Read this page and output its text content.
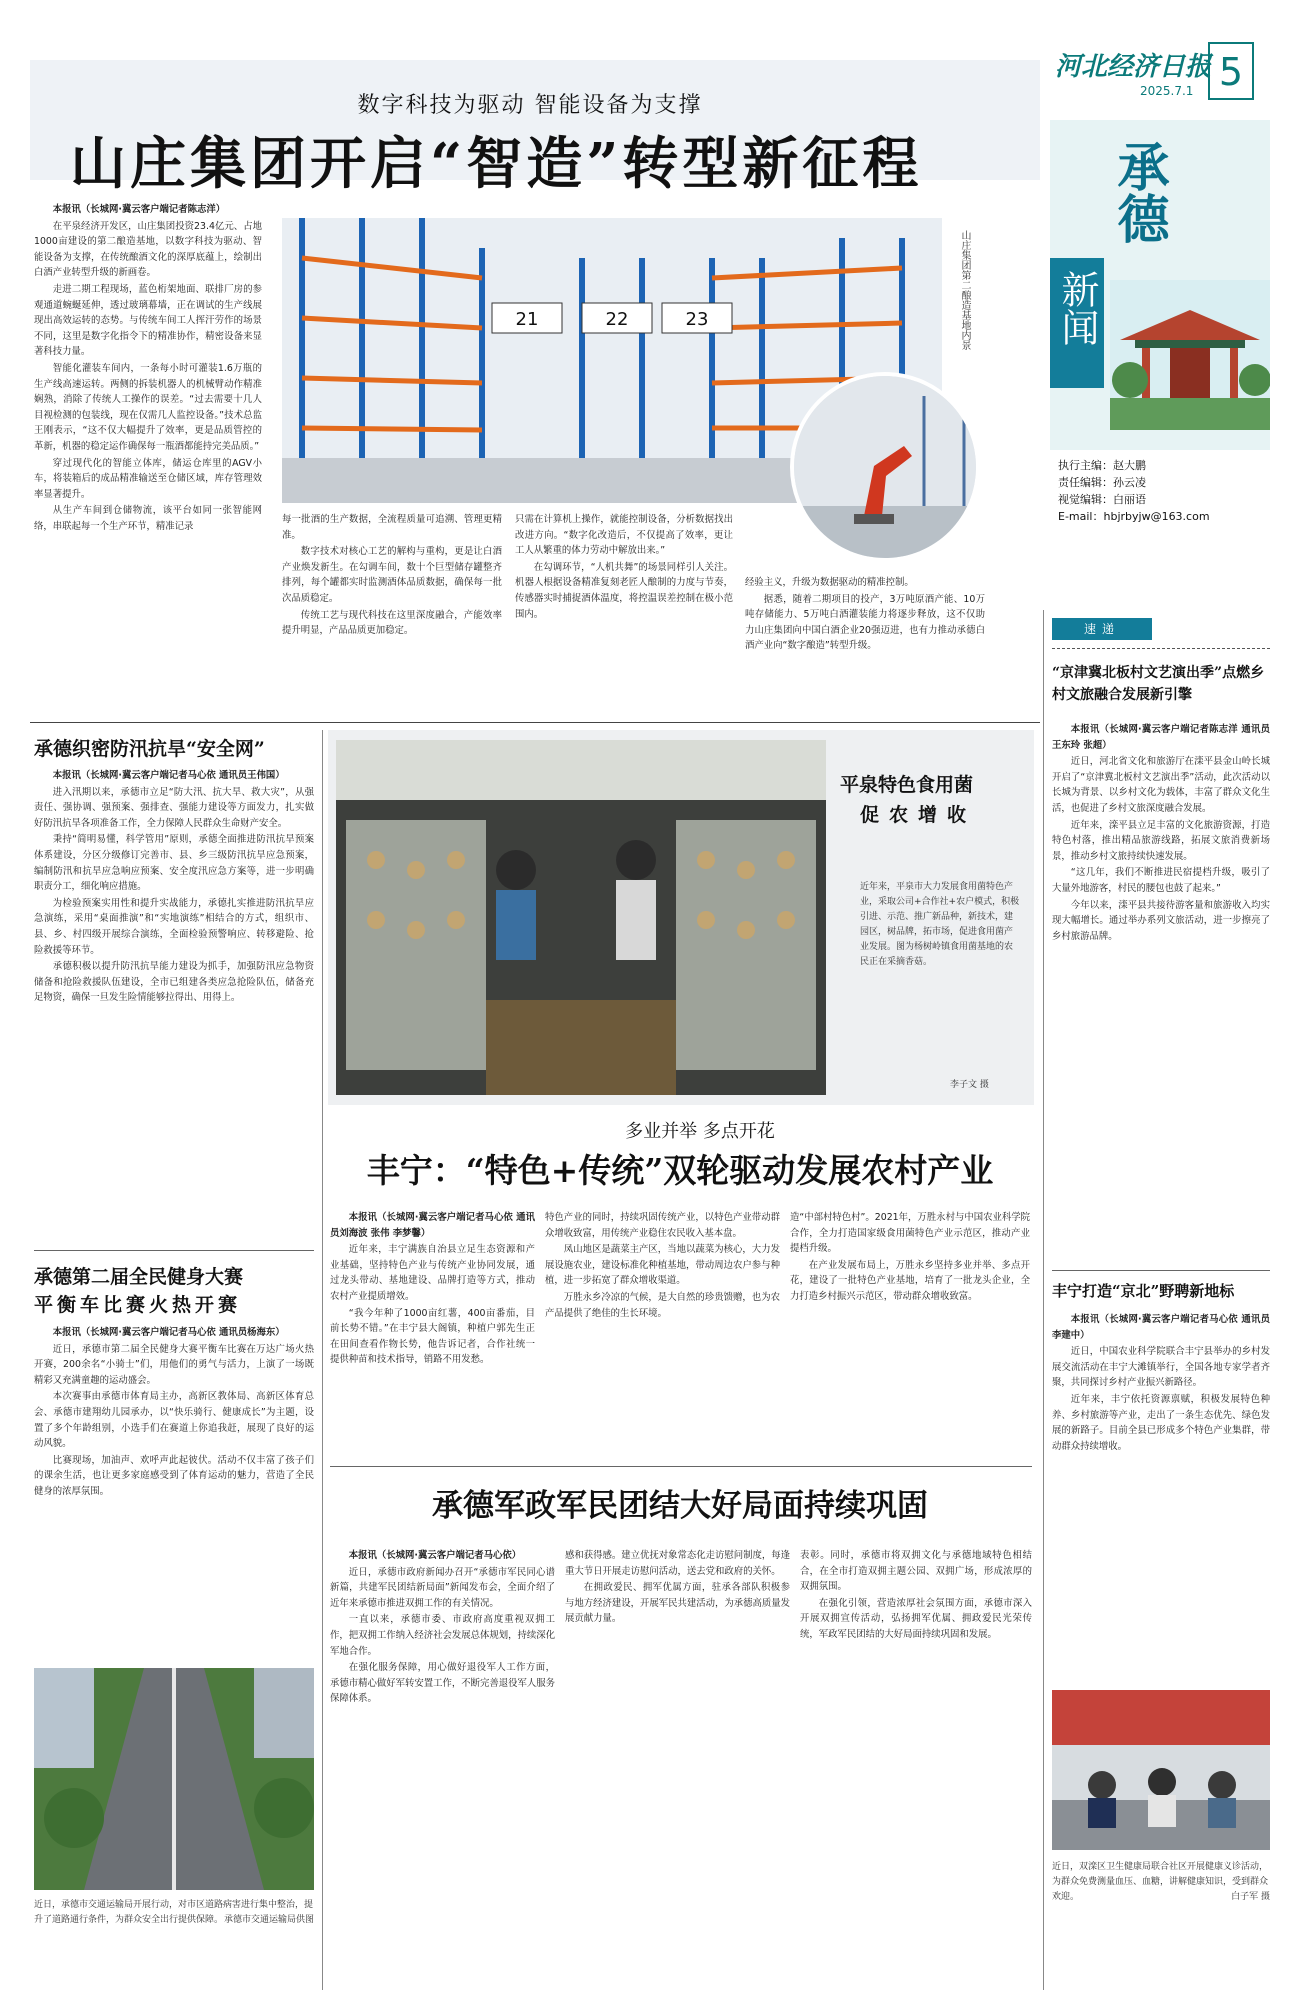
数字科技为驱动 智能设备为支撑
山庄集团开启“智造”转型新征程
河北经济日报
2025.7.1 5
承德
新闻
执行主编：赵大鹏
责任编辑：孙云凌
视觉编辑：白丽语
E-mail：hbjrbyjw@163.com

本报讯（长城网·冀云客户端记者陈志洋）

在平泉经济开发区，山庄集团投资23.4亿元、占地1000亩建设的第二酿造基地，以数字科技为驱动、智能设备为支撑，在传统酿酒文化的深厚底蕴上，绘制出白酒产业转型升级的新画卷。

走进二期工程现场，蓝色桁架地面、联排厂房的参观通道蜿蜒延伸，透过玻璃幕墙，正在调试的生产线展现出高效运转的态势。与传统车间工人挥汗劳作的场景不同，这里是数字化指令下的精准协作，精密设备来显著科技力量。

智能化灌装车间内，一条每小时可灌装1.6万瓶的生产线高速运转。两侧的拆装机器人的机械臂动作精准娴熟，消除了传统人工操作的误差。“过去需要十几人目视检测的包装线，现在仅需几人监控设备。”技术总监王刚表示，“这不仅大幅提升了效率，更是品质管控的革新，机器的稳定运作确保每一瓶酒都能持完美品质。”

穿过现代化的智能立体库，储运仓库里的AGV小车，将装箱后的成品精准输送至仓储区域，库存管理效率显著提升。

从生产车间到仓储物流，该平台如同一张智能网络，串联起每一个生产环节，精准记录

21	22	23	山庄集团第二酿造基地内景

每一批酒的生产数据，全流程质量可追溯、管理更精准。

数字技术对核心工艺的解构与重构，更是让白酒产业焕发新生。在勾调车间，数十个巨型储存罐整齐排列，每个罐都实时监测酒体品质数据，确保每一批次品质稳定。

传统工艺与现代科技在这里深度融合，产能效率提升明显，产品品质更加稳定。

只需在计算机上操作，就能控制设备，分析数据找出改进方向。“数字化改造后，不仅提高了效率，更让工人从繁重的体力劳动中解放出来。”

在勾调环节，“人机共舞”的场景同样引人关注。机器人根据设备精准复刻老匠人酿制的力度与节奏，传感器实时捕捉酒体温度，将控温误差控制在极小范围内。

经验主义，升级为数据驱动的精准控制。

据悉，随着二期项目的投产，3万吨原酒产能、10万吨存储能力、5万吨白酒灌装能力将逐步释放，这不仅助力山庄集团向中国白酒企业20强迈进，也有力推动承德白酒产业向“数字酿造”转型升级。

速递
“京津冀北板村文艺演出季”点燃乡村文旅融合发展新引擎

本报讯（长城网·冀云客户端记者陈志洋 通讯员王东玲 张超）

近日，河北省文化和旅游厅在滦平县金山岭长城开启了“京津冀北板村文艺演出季”活动，此次活动以长城为背景、以乡村文化为载体，丰富了群众文化生活，也促进了乡村文旅深度融合发展。

近年来，滦平县立足丰富的文化旅游资源，打造特色村落，推出精品旅游线路，拓展文旅消费新场景，推动乡村文旅持续快速发展。

“这几年，我们不断推进民宿提档升级，吸引了大量外地游客，村民的腰包也鼓了起来。”

今年以来，滦平县共接待游客量和旅游收入均实现大幅增长。通过举办系列文旅活动，进一步擦亮了乡村旅游品牌。

丰宁打造“京北”野聘新地标

本报讯（长城网·冀云客户端记者马心依 通讯员李建中）

近日，中国农业科学院联合丰宁县举办的乡村发展交流活动在丰宁大滩镇举行，全国各地专家学者齐聚，共同探讨乡村产业振兴新路径。

近年来，丰宁依托资源禀赋，积极发展特色种养、乡村旅游等产业，走出了一条生态优先、绿色发展的新路子。目前全县已形成多个特色产业集群，带动群众持续增收。

近日，双滦区卫生健康局联合社区开展健康义诊活动，为群众免费测量血压、血糖，讲解健康知识，受到群众欢迎。	白子军 摄
承德织密防汛抗旱“安全网”

本报讯（长城网·冀云客户端记者马心依 通讯员王伟国）

进入汛期以来，承德市立足“防大汛、抗大旱、救大灾”，从强责任、强协调、强预案、强排查、强能力建设等方面发力，扎实做好防汛抗旱各项准备工作，全力保障人民群众生命财产安全。

秉持“简明易懂，科学管用”原则，承德全面推进防汛抗旱预案体系建设，分区分级修订完善市、县、乡三级防汛抗旱应急预案，编制防汛和抗旱应急响应预案、安全度汛应急方案等，进一步明确职责分工，细化响应措施。

为检验预案实用性和提升实战能力，承德扎实推进防汛抗旱应急演练，采用“桌面推演”和“实地演练”相结合的方式，组织市、县、乡、村四级开展综合演练，全面检验预警响应、转移避险、抢险救援等环节。

承德积极以提升防汛抗旱能力建设为抓手，加强防汛应急物资储备和抢险救援队伍建设，全市已组建各类应急抢险队伍，储备充足物资，确保一旦发生险情能够拉得出、用得上。

承德第二届全民健身大赛
平衡车比赛火热开赛

本报讯（长城网·冀云客户端记者马心依 通讯员杨海东）

近日，承德市第二届全民健身大赛平衡车比赛在万达广场火热开赛，200余名“小骑士”们，用他们的勇气与活力，上演了一场既精彩又充满童趣的运动盛会。

本次赛事由承德市体育局主办，高新区教体局、高新区体育总会、承德市建翔幼儿园承办，以“快乐骑行、健康成长”为主题，设置了多个年龄组别，小选手们在赛道上你追我赶，展现了良好的运动风貌。

比赛现场，加油声、欢呼声此起彼伏。活动不仅丰富了孩子们的课余生活，也让更多家庭感受到了体育运动的魅力，营造了全民健身的浓厚氛围。

近日，承德市交通运输局开展行动，对市区道路病害进行集中整治，提升了道路通行条件，为群众安全出行提供保障。 承德市交通运输局供图
平泉特色食用菌
促农增收
近年来，平泉市大力发展食用菌特色产业，采取公司+合作社+农户模式，积极引进、示范、推广新品种，新技术，建园区，树品牌，拓市场，促进食用菌产业发展。图为杨树岭镇食用菌基地的农民正在采摘香菇。
李子文 摄
多业并举 多点开花
丰宁：“特色+传统”双轮驱动发展农村产业

本报讯（长城网·冀云客户端记者马心依 通讯员刘海波 张伟 李梦馨）

近年来，丰宁满族自治县立足生态资源和产业基础，坚持特色产业与传统产业协同发展，通过龙头带动、基地建设、品牌打造等方式，推动农村产业提质增效。

“我今年种了1000亩红薯，400亩番茄，目前长势不错。”在丰宁县大阁镇，种植户郭先生正在田间查看作物长势，他告诉记者，合作社统一提供种苗和技术指导，销路不用发愁。

特色产业的同时，持续巩固传统产业，以特色产业带动群众增收致富，用传统产业稳住农民收入基本盘。

凤山地区是蔬菜主产区，当地以蔬菜为核心，大力发展设施农业，建设标准化种植基地，带动周边农户参与种植，进一步拓宽了群众增收渠道。

万胜永乡冷凉的气候，是大自然的珍贵馈赠，也为农产品提供了绝佳的生长环境。

造“中部村特色村”。2021年，万胜永村与中国农业科学院合作，全力打造国家级食用菌特色产业示范区，推动产业提档升级。

在产业发展布局上，万胜永乡坚持多业并举、多点开花，建设了一批特色产业基地，培育了一批龙头企业，全力打造乡村振兴示范区，带动群众增收致富。

承德军政军民团结大好局面持续巩固

本报讯（长城网·冀云客户端记者马心依）

近日，承德市政府新闻办召开“承德市军民同心谱新篇，共建军民团结新局面”新闻发布会，全面介绍了近年来承德市推进双拥工作的有关情况。

一直以来，承德市委、市政府高度重视双拥工作，把双拥工作纳入经济社会发展总体规划，持续深化军地合作。

在强化服务保障，用心做好退役军人工作方面，承德市精心做好军转安置工作，不断完善退役军人服务保障体系。

感和获得感。建立优抚对象常态化走访慰问制度，每逢重大节日开展走访慰问活动，送去党和政府的关怀。

在拥政爱民、拥军优属方面，驻承各部队积极参与地方经济建设，开展军民共建活动，为承德高质量发展贡献力量。

表彰。同时，承德市将双拥文化与承德地域特色相结合，在全市打造双拥主题公园、双拥广场，形成浓厚的双拥氛围。

在强化引领，营造浓厚社会氛围方面，承德市深入开展双拥宣传活动，弘扬拥军优属、拥政爱民光荣传统，军政军民团结的大好局面持续巩固和发展。
